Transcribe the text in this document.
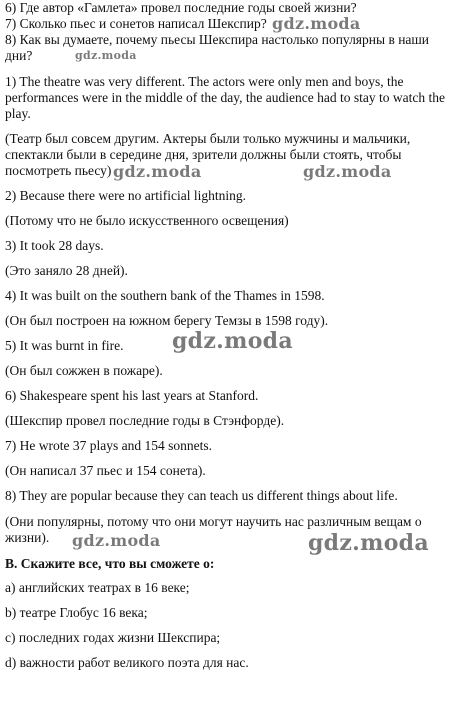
6) Где автор «Гамлета» провел последние годы своей жизни?
7) Сколько пьес и сонетов написал Шекспир?
8) Как вы думаете, почему пьесы Шекспира настолько популярны в наши дни?
1) The theatre was very different. The actors were only men and boys, the performances were in the middle of the day, the audience had to stay to watch the play.
(Театр был совсем другим. Актеры были только мужчины и мальчики, спектакли были в середине дня, зрители должны были стоять, чтобы посмотреть пьесу)
2) Because there were no artificial lightning.
(Потому что не было искусственного освещения)
3) It took 28 days.
(Это заняло 28 дней).
4) It was built on the southern bank of the Thames in 1598.
(Он был построен на южном берегу Темзы в 1598 году).
5) It was burnt in fire.
(Он был сожжен в пожаре).
6) Shakespeare spent his last years at Stanford.
(Шекспир провел последние годы в Стэнфорде).
7) He wrote 37 plays and 154 sonnets.
(Он написал 37 пьес и 154 сонета).
8) They are popular because they can teach us different things about life.
(Они популярны, потому что они могут научить нас различным вещам о жизни).
B. Скажите все, что вы сможете о:
a) английских театрах в 16 веке;
b) театре Глобус 16 века;
c) последних годах жизни Шекспира;
d) важности работ великого поэта для нас.
gdz.moda
gdz.moda
gdz.moda	gdz.moda
gdz.moda
gdz.moda	gdz.moda
